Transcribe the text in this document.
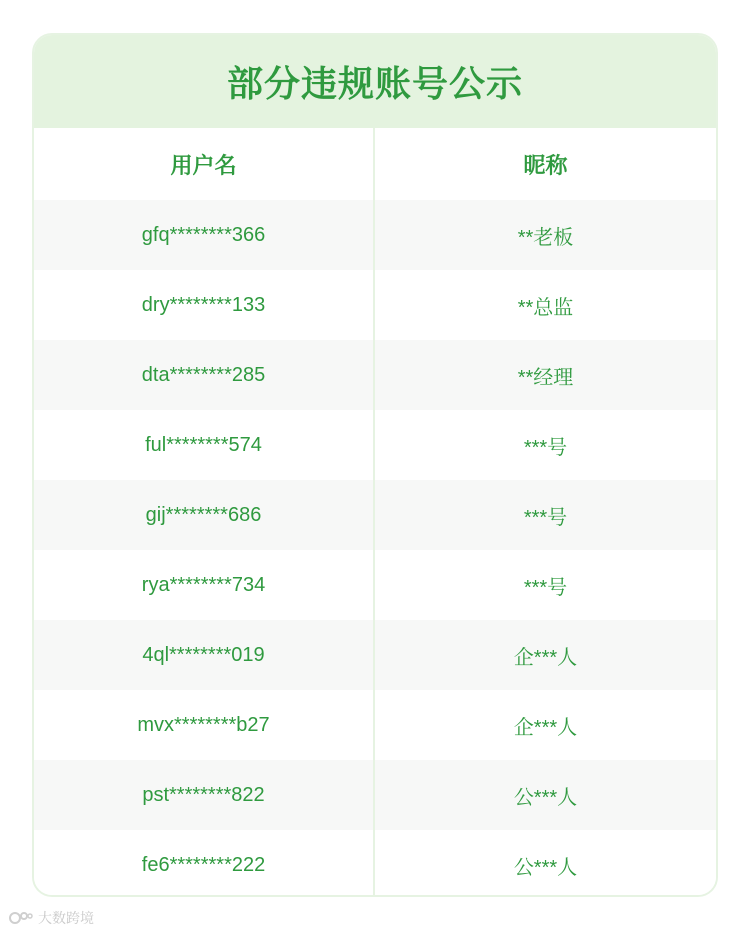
部分违规账号公示
用户名	昵称
gfq********366	**老板
dry********133	**总监
dta********285	**经理
ful********574	***号
gij********686	***号
rya********734	***号
4ql********019	企***人
mvx********b27	企***人
pst********822	公***人
fe6********222	公***人
大数跨境
